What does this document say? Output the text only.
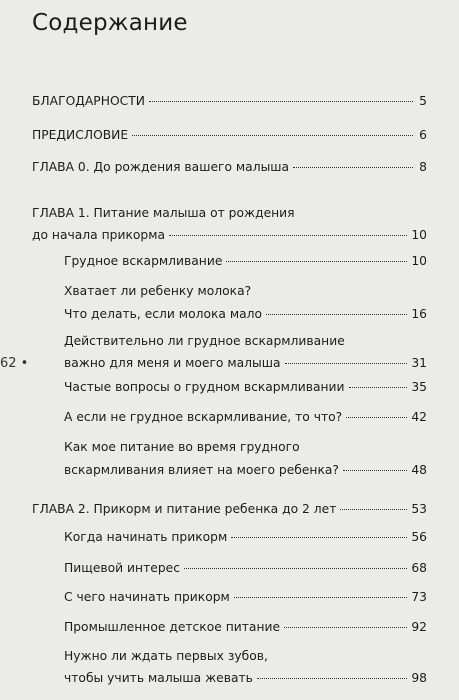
Содержание
БЛАГОДАРНОСТИ	5
ПРЕДИСЛОВИЕ	6
ГЛАВА 0. До рождения вашего малыша	8
ГЛАВА 1. Питание малыша от рождения
до начала прикорма	10
Грудное вскармливание	10
Хватает ли ребенку молока?
Что делать, если молока мало	16
Действительно ли грудное вскармливание
важно для меня и моего малыша	31
Частые вопросы о грудном вскармливании	35
А если не грудное вскармливание, то что?	42
Как мое питание во время грудного
вскармливания влияет на моего ребенка?	48
ГЛАВА 2. Прикорм и питание ребенка до 2 лет	53
Когда начинать прикорм	56
Пищевой интерес	68
С чего начинать прикорм	73
Промышленное детское питание	92
Нужно ли ждать первых зубов,
чтобы учить малыша жевать	98
62 •
